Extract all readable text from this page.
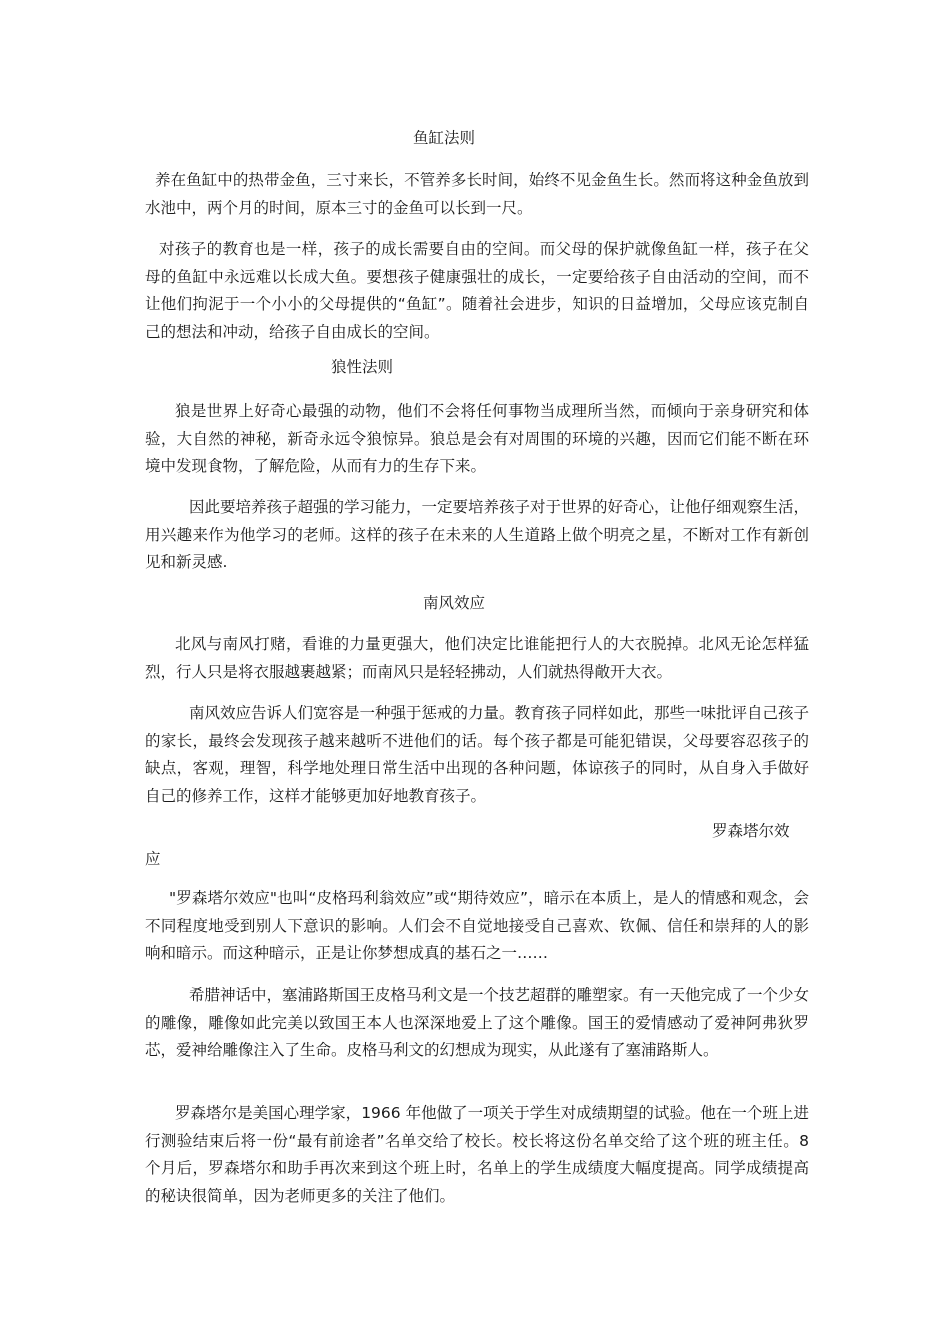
鱼缸法则

养在鱼缸中的热带金鱼，三寸来长，不管养多长时间，始终不见金鱼生长。然而将这种金鱼放到水池中，两个月的时间，原本三寸的金鱼可以长到一尺。

对孩子的教育也是一样，孩子的成长需要自由的空间。而父母的保护就像鱼缸一样，孩子在父母的鱼缸中永远难以长成大鱼。要想孩子健康强壮的成长，一定要给孩子自由活动的空间，而不让他们拘泥于一个小小的父母提供的“鱼缸”。随着社会进步，知识的日益增加，父母应该克制自己的想法和冲动，给孩子自由成长的空间。

狼性法则

狼是世界上好奇心最强的动物，他们不会将任何事物当成理所当然，而倾向于亲身研究和体验，大自然的神秘，新奇永远令狼惊异。狼总是会有对周围的环境的兴趣，因而它们能不断在环境中发现食物，了解危险，从而有力的生存下来。

因此要培养孩子超强的学习能力，一定要培养孩子对于世界的好奇心，让他仔细观察生活，用兴趣来作为他学习的老师。这样的孩子在未来的人生道路上做个明亮之星，不断对工作有新创见和新灵感.

南风效应

北风与南风打赌，看谁的力量更强大，他们决定比谁能把行人的大衣脱掉。北风无论怎样猛烈，行人只是将衣服越裹越紧；而南风只是轻轻拂动，人们就热得敞开大衣。

南风效应告诉人们宽容是一种强于惩戒的力量。教育孩子同样如此，那些一味批评自己孩子的家长，最终会发现孩子越来越听不进他们的话。每个孩子都是可能犯错误，父母要容忍孩子的缺点，客观，理智，科学地处理日常生活中出现的各种问题，体谅孩子的同时，从自身入手做好自己的修养工作，这样才能够更加好地教育孩子。

罗森塔尔效
应

"罗森塔尔效应"也叫“皮格玛利翁效应”或“期待效应”，暗示在本质上，是人的情感和观念，会不同程度地受到别人下意识的影响。人们会不自觉地接受自己喜欢、钦佩、信任和崇拜的人的影响和暗示。而这种暗示，正是让你梦想成真的基石之一……

希腊神话中，塞浦路斯国王皮格马利文是一个技艺超群的雕塑家。有一天他完成了一个少女的雕像，雕像如此完美以致国王本人也深深地爱上了这个雕像。国王的爱情感动了爱神阿弗狄罗芯，爱神给雕像注入了生命。皮格马利文的幻想成为现实，从此遂有了塞浦路斯人。

罗森塔尔是美国心理学家，1966 年他做了一项关于学生对成绩期望的试验。他在一个班上进行测验结束后将一份“最有前途者”名单交给了校长。校长将这份名单交给了这个班的班主任。8 个月后，罗森塔尔和助手再次来到这个班上时，名单上的学生成绩度大幅度提高。同学成绩提高的秘诀很简单，因为老师更多的关注了他们。
